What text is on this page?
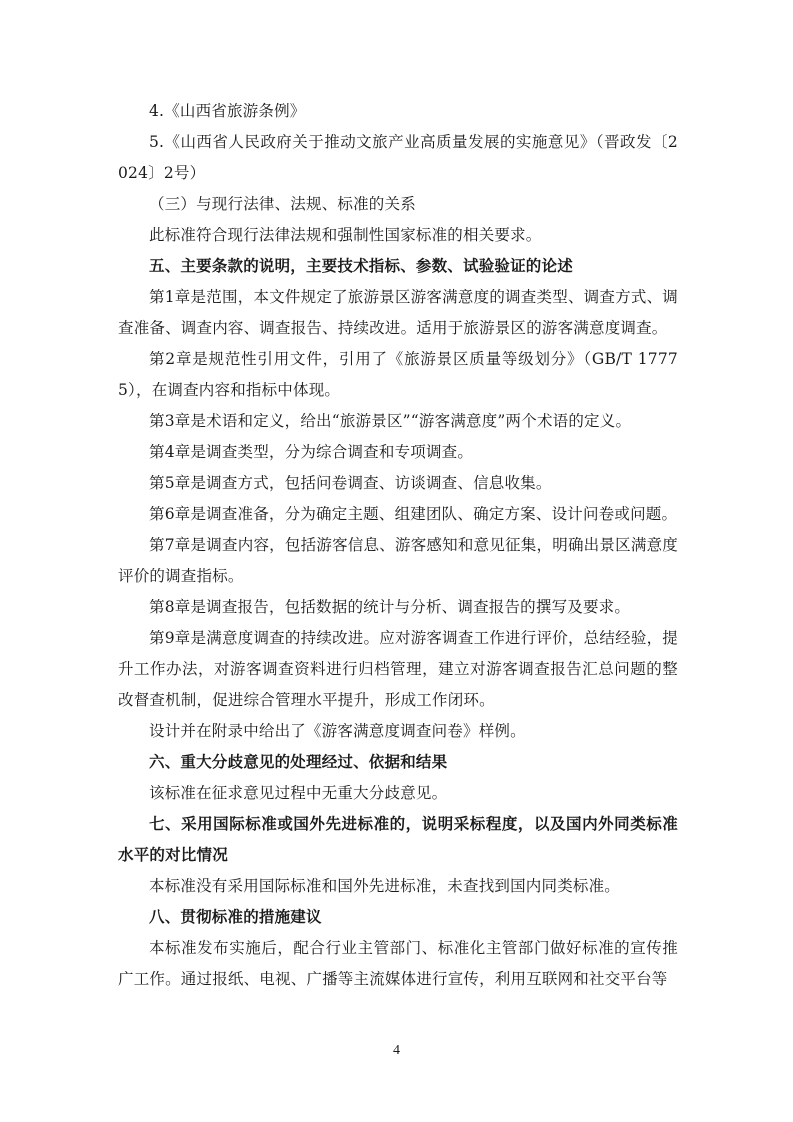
4.《山西省旅游条例》

5.《山西省人民政府关于推动文旅产业高质量发展的实施意见》（晋政发〔2024〕2号）

（三）与现行法律、法规、标准的关系

此标准符合现行法律法规和强制性国家标准的相关要求。

五、主要条款的说明，主要技术指标、参数、试验验证的论述

第1章是范围，本文件规定了旅游景区游客满意度的调查类型、调查方式、调查准备、调查内容、调查报告、持续改进。适用于旅游景区的游客满意度调查。

第2章是规范性引用文件，引用了《旅游景区质量等级划分》（GB/T 17775），在调查内容和指标中体现。

第3章是术语和定义，给出“旅游景区”“游客满意度”两个术语的定义。

第4章是调查类型，分为综合调查和专项调查。

第5章是调查方式，包括问卷调查、访谈调查、信息收集。

第6章是调查准备，分为确定主题、组建团队、确定方案、设计问卷或问题。

第7章是调查内容，包括游客信息、游客感知和意见征集，明确出景区满意度评价的调查指标。

第8章是调查报告，包括数据的统计与分析、调查报告的撰写及要求。

第9章是满意度调查的持续改进。应对游客调查工作进行评价，总结经验，提升工作办法，对游客调查资料进行归档管理，建立对游客调查报告汇总问题的整改督查机制，促进综合管理水平提升，形成工作闭环。

设计并在附录中给出了《游客满意度调查问卷》样例。

六、重大分歧意见的处理经过、依据和结果

该标准在征求意见过程中无重大分歧意见。

七、采用国际标准或国外先进标准的，说明采标程度，以及国内外同类标准水平的对比情况

本标准没有采用国际标准和国外先进标准，未查找到国内同类标准。

八、贯彻标准的措施建议

本标准发布实施后，配合行业主管部门、标准化主管部门做好标准的宣传推广工作。通过报纸、电视、广播等主流媒体进行宣传，利用互联网和社交平台等

4
